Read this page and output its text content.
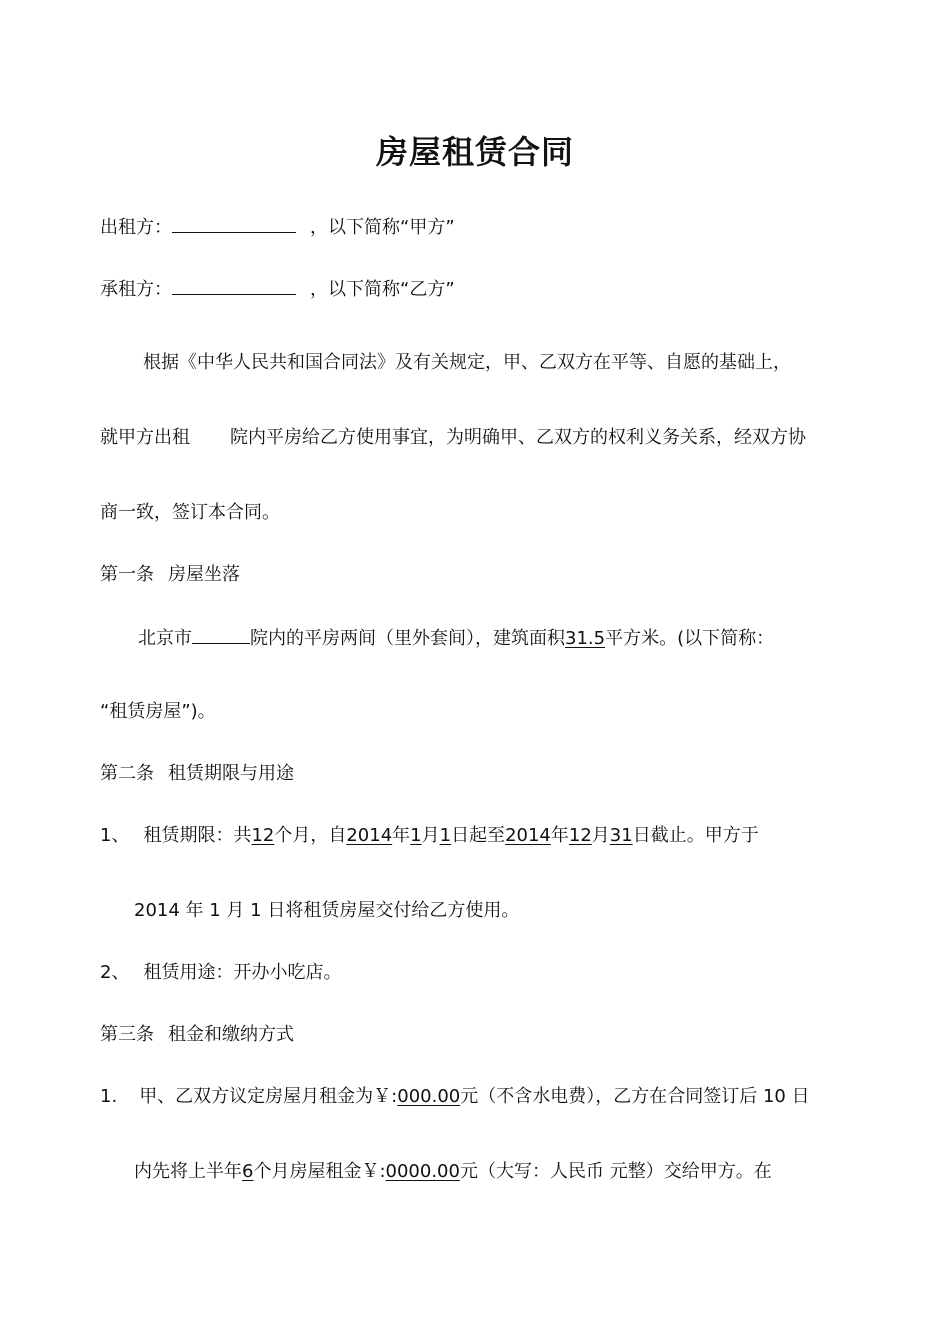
房屋租赁合同
出租方：	，以下简称“甲方”
承租方：	，以下简称“乙方”
根据《中华人民共和国合同法》及有关规定，甲、乙双方在平等、自愿的基础上，
就甲方出租 院内平房给乙方使用事宜，为明确甲、乙双方的权利义务关系，经双方协
商一致，签订本合同。
第一条 房屋坐落
北京市	院内的平房两间（里外套间），建筑面积31.5平方米。(以下简称：
“租赁房屋”)。
第二条 租赁期限与用途
1、 租赁期限：共12个月，自2014年1月1日起至2014年12月31日截止。甲方于
2014 年 1 月 1 日将租赁房屋交付给乙方使用。
2、 租赁用途：开办小吃店。
第三条 租金和缴纳方式
1. 甲、乙双方议定房屋月租金为￥:000.00元（不含水电费），乙方在合同签订后 10 日
内先将上半年6个月房屋租金￥:0000.00元（大写：人民币 元整）交给甲方。在
